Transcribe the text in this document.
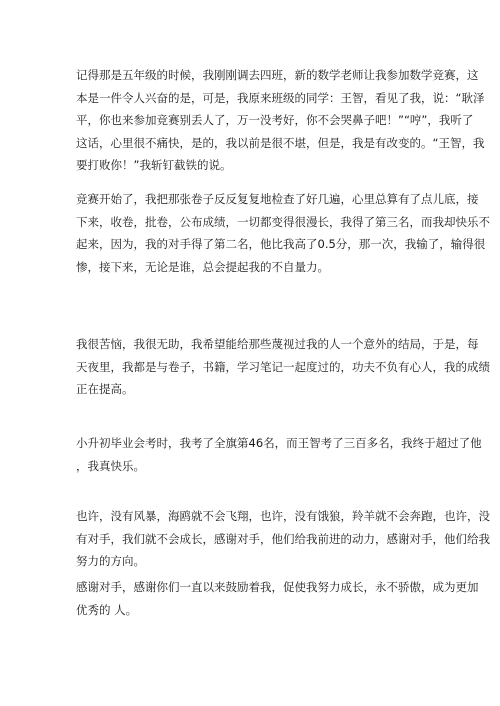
记得那是五年级的时候，我刚刚调去四班，新的数学老师让我参加数学竞赛，这
本是一件令人兴奋的是，可是，我原来班级的同学：王智，看见了我，说：“耿泽
平，你也来参加竞赛别丢人了，万一没考好，你不会哭鼻子吧！”“哼”，我听了
这话，心里很不痛快，是的，我以前是很不堪，但是，我是有改变的。“王智，我
要打败你！”我斩钉截铁的说。
竞赛开始了，我把那张卷子反反复复地检查了好几遍，心里总算有了点儿底，接
下来，收卷，批卷，公布成绩，一切都变得很漫长，我得了第三名，而我却快乐不
起来，因为，我的对手得了第二名，他比我高了0.5分，那一次，我输了，输得很
惨，接下来，无论是谁，总会提起我的不自量力。
我很苦恼，我很无助，我希望能给那些蔑视过我的人一个意外的结局，于是，每
天夜里，我都是与卷子，书籍，学习笔记一起度过的，功夫不负有心人，我的成绩
正在提高。
小升初毕业会考时，我考了全旗第46名，而王智考了三百多名，我终于超过了他
，我真快乐。
也许，没有风暴，海鸥就不会飞翔，也许，没有饿狼，羚羊就不会奔跑，也许，没
有对手，我们就不会成长，感谢对手，他们给我前进的动力，感谢对手，他们给我
努力的方向。
感谢对手，感谢你们一直以来鼓励着我，促使我努力成长，永不骄傲，成为更加
优秀的 人。
